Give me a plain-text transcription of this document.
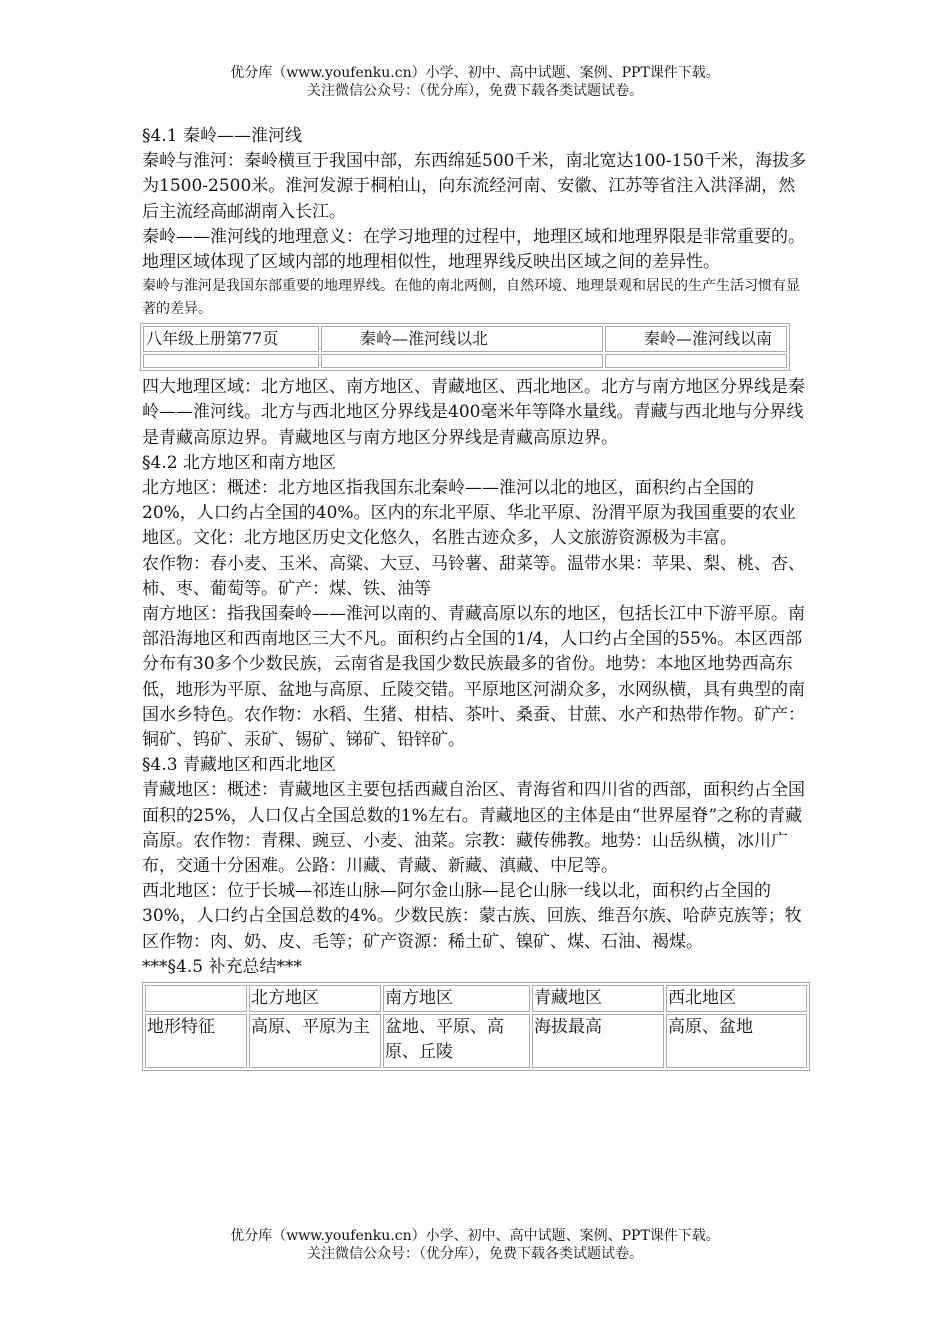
优分库（www.youfenku.cn）小学、初中、高中试题、案例、PPT课件下载。
关注微信公众号：（优分库），免费下载各类试题试卷。

§4.1 秦岭——淮河线

秦岭与淮河：秦岭横亘于我国中部，东西绵延500千米，南北宽达100-150千米，海拔多为1500-2500米。淮河发源于桐柏山，向东流经河南、安徽、江苏等省注入洪泽湖，然后主流经高邮湖南入长江。

秦岭——淮河线的地理意义：在学习地理的过程中，地理区域和地理界限是非常重要的。地理区域体现了区域内部的地理相似性，地理界线反映出区域之间的差异性。

秦岭与淮河是我国东部重要的地理界线。在他的南北两侧，自然环境、地理景观和居民的生产生活习惯有显著的差异。

八年级上册第77页	秦岭—淮河线以北	秦岭—淮河线以南

四大地理区域：北方地区、南方地区、青藏地区、西北地区。北方与南方地区分界线是秦岭——淮河线。北方与西北地区分界线是400毫米年等降水量线。青藏与西北地与分界线是青藏高原边界。青藏地区与南方地区分界线是青藏高原边界。

§4.2 北方地区和南方地区

北方地区：概述：北方地区指我国东北秦岭——淮河以北的地区，面积约占全国的20%，人口约占全国的40%。区内的东北平原、华北平原、汾渭平原为我国重要的农业地区。文化：北方地区历史文化悠久，名胜古迹众多，人文旅游资源极为丰富。

农作物：春小麦、玉米、高粱、大豆、马铃薯、甜菜等。温带水果：苹果、梨、桃、杏、柿、枣、葡萄等。矿产：煤、铁、油等

南方地区：指我国秦岭——淮河以南的、青藏高原以东的地区，包括长江中下游平原。南部沿海地区和西南地区三大不凡。面积约占全国的1/4，人口约占全国的55%。本区西部分布有30多个少数民族，云南省是我国少数民族最多的省份。地势：本地区地势西高东低，地形为平原、盆地与高原、丘陵交错。平原地区河湖众多，水网纵横，具有典型的南国水乡特色。农作物：水稻、生猪、柑桔、茶叶、桑蚕、甘蔗、水产和热带作物。矿产：铜矿、钨矿、汞矿、锡矿、锑矿、铅锌矿。

§4.3 青藏地区和西北地区

青藏地区：概述：青藏地区主要包括西藏自治区、青海省和四川省的西部，面积约占全国面积的25%，人口仅占全国总数的1%左右。青藏地区的主体是由“世界屋脊”之称的青藏高原。农作物：青稞、豌豆、小麦、油菜。宗教：藏传佛教。地势：山岳纵横，冰川广布，交通十分困难。公路：川藏、青藏、新藏、滇藏、中尼等。

西北地区：位于长城—祁连山脉—阿尔金山脉—昆仑山脉一线以北，面积约占全国的30%，人口约占全国总数的4%。少数民族：蒙古族、回族、维吾尔族、哈萨克族等；牧区作物：肉、奶、皮、毛等；矿产资源：稀土矿、镍矿、煤、石油、褐煤。

***§4.5 补充总结***

	北方地区	南方地区	青藏地区	西北地区
地形特征	高原、平原为主	盆地、平原、高原、丘陵	海拔最高	高原、盆地
优分库（www.youfenku.cn）小学、初中、高中试题、案例、PPT课件下载。
关注微信公众号：（优分库），免费下载各类试题试卷。
